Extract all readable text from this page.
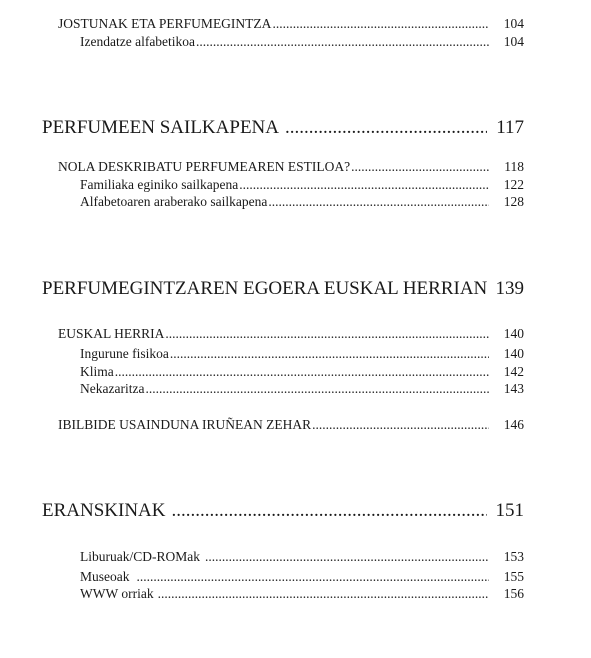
JOSTUNAK ETA PERFUMEGINTZA .....	104
Izendatze alfabetikoa .....	104
PERFUMEEN SAILKAPENA .....	117
NOLA DESKRIBATU PERFUMEAREN ESTILOA? .....	118
Familiaka eginiko sailkapena .....	122
Alfabetoaren araberako sailkapena .....	128
PERFUMEGINTZAREN EGOERA EUSKAL HERRIAN 139
EUSKAL HERRIA .....	140
Ingurune fisikoa .....	140
Klima .....	142
Nekazaritza .....	143
IBILBIDE USAINDUNA IRUÑEAN ZEHAR .....	146
ERANSKINAK .....	151
Liburuak/CD-ROMak .....	153
Museoak .....	155
WWW orriak .....	156
